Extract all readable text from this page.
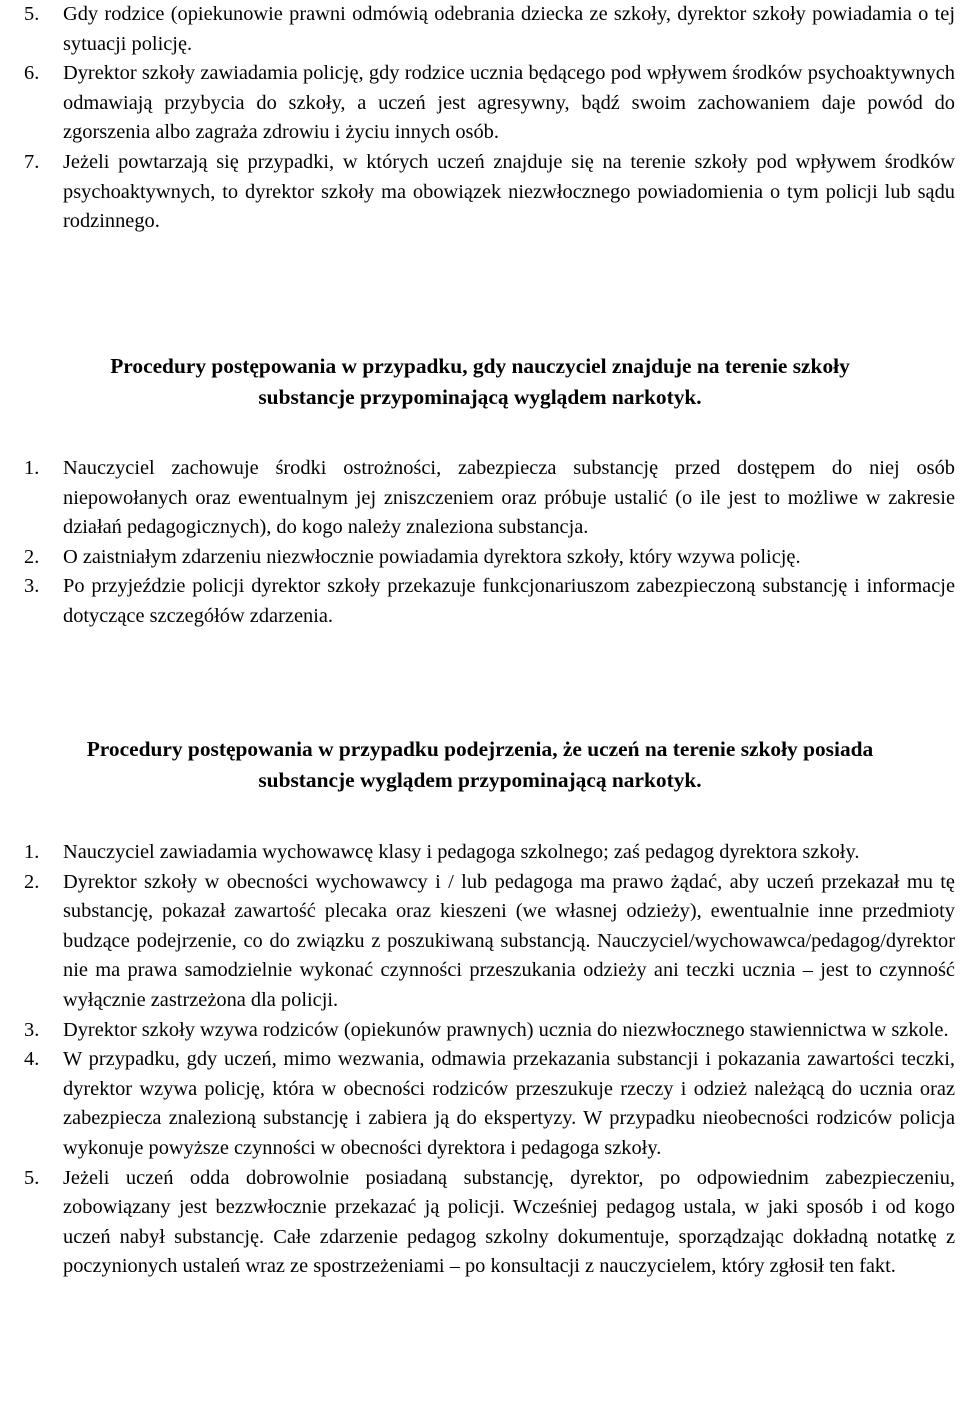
5. Gdy rodzice (opiekunowie prawni odmówią odebrania dziecka ze szkoły, dyrektor szkoły powiadamia o tej sytuacji policję.
6. Dyrektor szkoły zawiadamia policję, gdy rodzice ucznia będącego pod wpływem środków psychoaktywnych odmawiają przybycia do szkoły, a uczeń jest agresywny, bądź swoim zachowaniem daje powód do zgorszenia albo zagraża zdrowiu i życiu innych osób.
7. Jeżeli powtarzają się przypadki, w których uczeń znajduje się na terenie szkoły pod wpływem środków psychoaktywnych, to dyrektor szkoły ma obowiązek niezwłocznego powiadomienia o tym policji lub sądu rodzinnego.
Procedury postępowania w przypadku, gdy nauczyciel znajduje na terenie szkoły
substancje przypominającą wyglądem narkotyk.
1. Nauczyciel zachowuje środki ostrożności, zabezpiecza substancję przed dostępem do niej osób niepowołanych oraz ewentualnym jej zniszczeniem oraz próbuje ustalić (o ile jest to możliwe w zakresie działań pedagogicznych), do kogo należy znaleziona substancja.
2. O zaistniałym zdarzeniu niezwłocznie powiadamia dyrektora szkoły, który wzywa policję.
3. Po przyjeździe policji dyrektor szkoły przekazuje funkcjonariuszom zabezpieczoną substancję i informacje dotyczące szczegółów zdarzenia.
Procedury postępowania w przypadku podejrzenia, że uczeń na terenie szkoły posiada
substancje wyglądem przypominającą narkotyk.
1. Nauczyciel zawiadamia wychowawcę klasy i pedagoga szkolnego; zaś pedagog dyrektora szkoły.
2. Dyrektor szkoły w obecności wychowawcy i / lub pedagoga ma prawo żądać, aby uczeń przekazał mu tę substancję, pokazał zawartość plecaka oraz kieszeni (we własnej odzieży), ewentualnie inne przedmioty budzące podejrzenie, co do związku z poszukiwaną substancją. Nauczyciel/wychowawca/pedagog/dyrektor nie ma prawa samodzielnie wykonać czynności przeszukania odzieży ani teczki ucznia – jest to czynność wyłącznie zastrzeżona dla policji.
3. Dyrektor szkoły wzywa rodziców (opiekunów prawnych) ucznia do niezwłocznego stawiennictwa w szkole.
4. W przypadku, gdy uczeń, mimo wezwania, odmawia przekazania substancji i pokazania zawartości teczki, dyrektor wzywa policję, która w obecności rodziców przeszukuje rzeczy i odzież należącą do ucznia oraz zabezpiecza znalezioną substancję i zabiera ją do ekspertyzy. W przypadku nieobecności rodziców policja wykonuje powyższe czynności w obecności dyrektora i pedagoga szkoły.
5. Jeżeli uczeń odda dobrowolnie posiadaną substancję, dyrektor, po odpowiednim zabezpieczeniu, zobowiązany jest bezzwłocznie przekazać ją policji. Wcześniej pedagog ustala, w jaki sposób i od kogo uczeń nabył substancję. Całe zdarzenie pedagog szkolny dokumentuje, sporządzając dokładną notatkę z poczynionych ustaleń wraz ze spostrzeżeniami – po konsultacji z nauczycielem, który zgłosił ten fakt.
